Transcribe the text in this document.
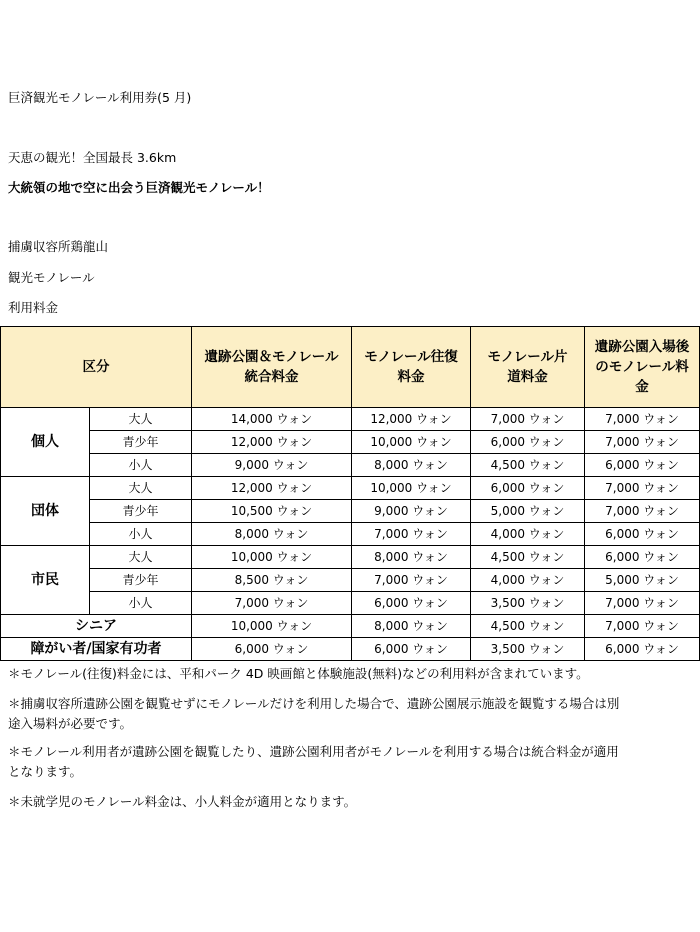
巨済観光モノレール利用券(5 月)
天恵の観光！全国最長 3.6km
大統領の地で空に出会う巨済観光モノレール！
捕虜収容所鶏龍山
観光モノレール
利用料金
区分		遺跡公園＆モノレール統合料金	モノレール往復料金	モノレール片道料金	遺跡公園入場後のモノレール料金
個人	大人	14,000 ウォン	12,000 ウォン	7,000 ウォン	7,000 ウォン
	青少年	12,000 ウォン	10,000 ウォン	6,000 ウォン	7,000 ウォン
	小人	9,000 ウォン	8,000 ウォン	4,500 ウォン	6,000 ウォン
団体	大人	12,000 ウォン	10,000 ウォン	6,000 ウォン	7,000 ウォン
	青少年	10,500 ウォン	9,000 ウォン	5,000 ウォン	7,000 ウォン
	小人	8,000 ウォン	7,000 ウォン	4,000 ウォン	6,000 ウォン
市民	大人	10,000 ウォン	8,000 ウォン	4,500 ウォン	6,000 ウォン
	青少年	8,500 ウォン	7,000 ウォン	4,000 ウォン	5,000 ウォン
	小人	7,000 ウォン	6,000 ウォン	3,500 ウォン	7,000 ウォン
シニア		10,000 ウォン	8,000 ウォン	4,500 ウォン	7,000 ウォン
障がい者/国家有功者		6,000 ウォン	6,000 ウォン	3,500 ウォン	6,000 ウォン
＊モノレール(往復)料金には、平和パーク 4D 映画館と体験施設(無料)などの利用料が含まれています。
＊捕虜収容所遺跡公園を観覧せずにモノレールだけを利用した場合で、遺跡公園展示施設を観覧する場合は別途入場料が必要です。
＊モノレール利用者が遺跡公園を観覧したり、遺跡公園利用者がモノレールを利用する場合は統合料金が適用となります。
＊未就学児のモノレール料金は、小人料金が適用となります。
